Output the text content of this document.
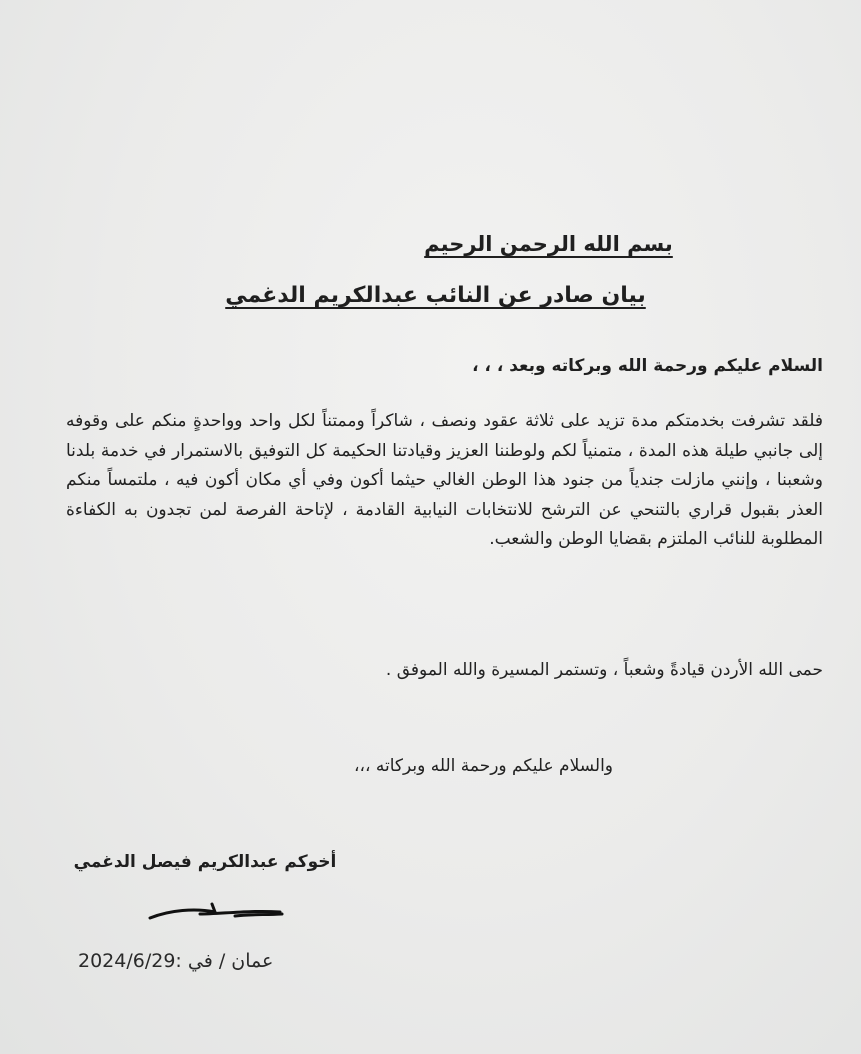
بسم الله الرحمن الرحيم
بيان صادر عن النائب عبدالكريم الدغمي
السلام عليكم ورحمة الله وبركاته وبعد ، ، ،
فلقد تشرفت بخدمتكم مدة تزيد على ثلاثة عقود ونصف ، شاكراً وممتناً لكل واحد وواحدةٍ منكم على وقوفه إلى جانبي طيلة هذه المدة ، متمنياً لكم ولوطننا العزيز وقيادتنا الحكيمة كل التوفيق بالاستمرار في خدمة بلدنا وشعبنا ، وإنني مازلت جندياً من جنود هذا الوطن الغالي حيثما أكون وفي أي مكان أكون فيه ، ملتمساً منكم العذر بقبول قراري بالتنحي عن الترشح للانتخابات النيابية القادمة ، لإتاحة الفرصة لمن تجدون به الكفاءة المطلوبة للنائب الملتزم بقضايا الوطن والشعب.
حمى الله الأردن قيادةً وشعباً ، وتستمر المسيرة والله الموفق .
والسلام عليكم ورحمة الله وبركاته ،،،
أخوكم عبدالكريم فيصل الدغمي
عمان / في :2024/6/29
